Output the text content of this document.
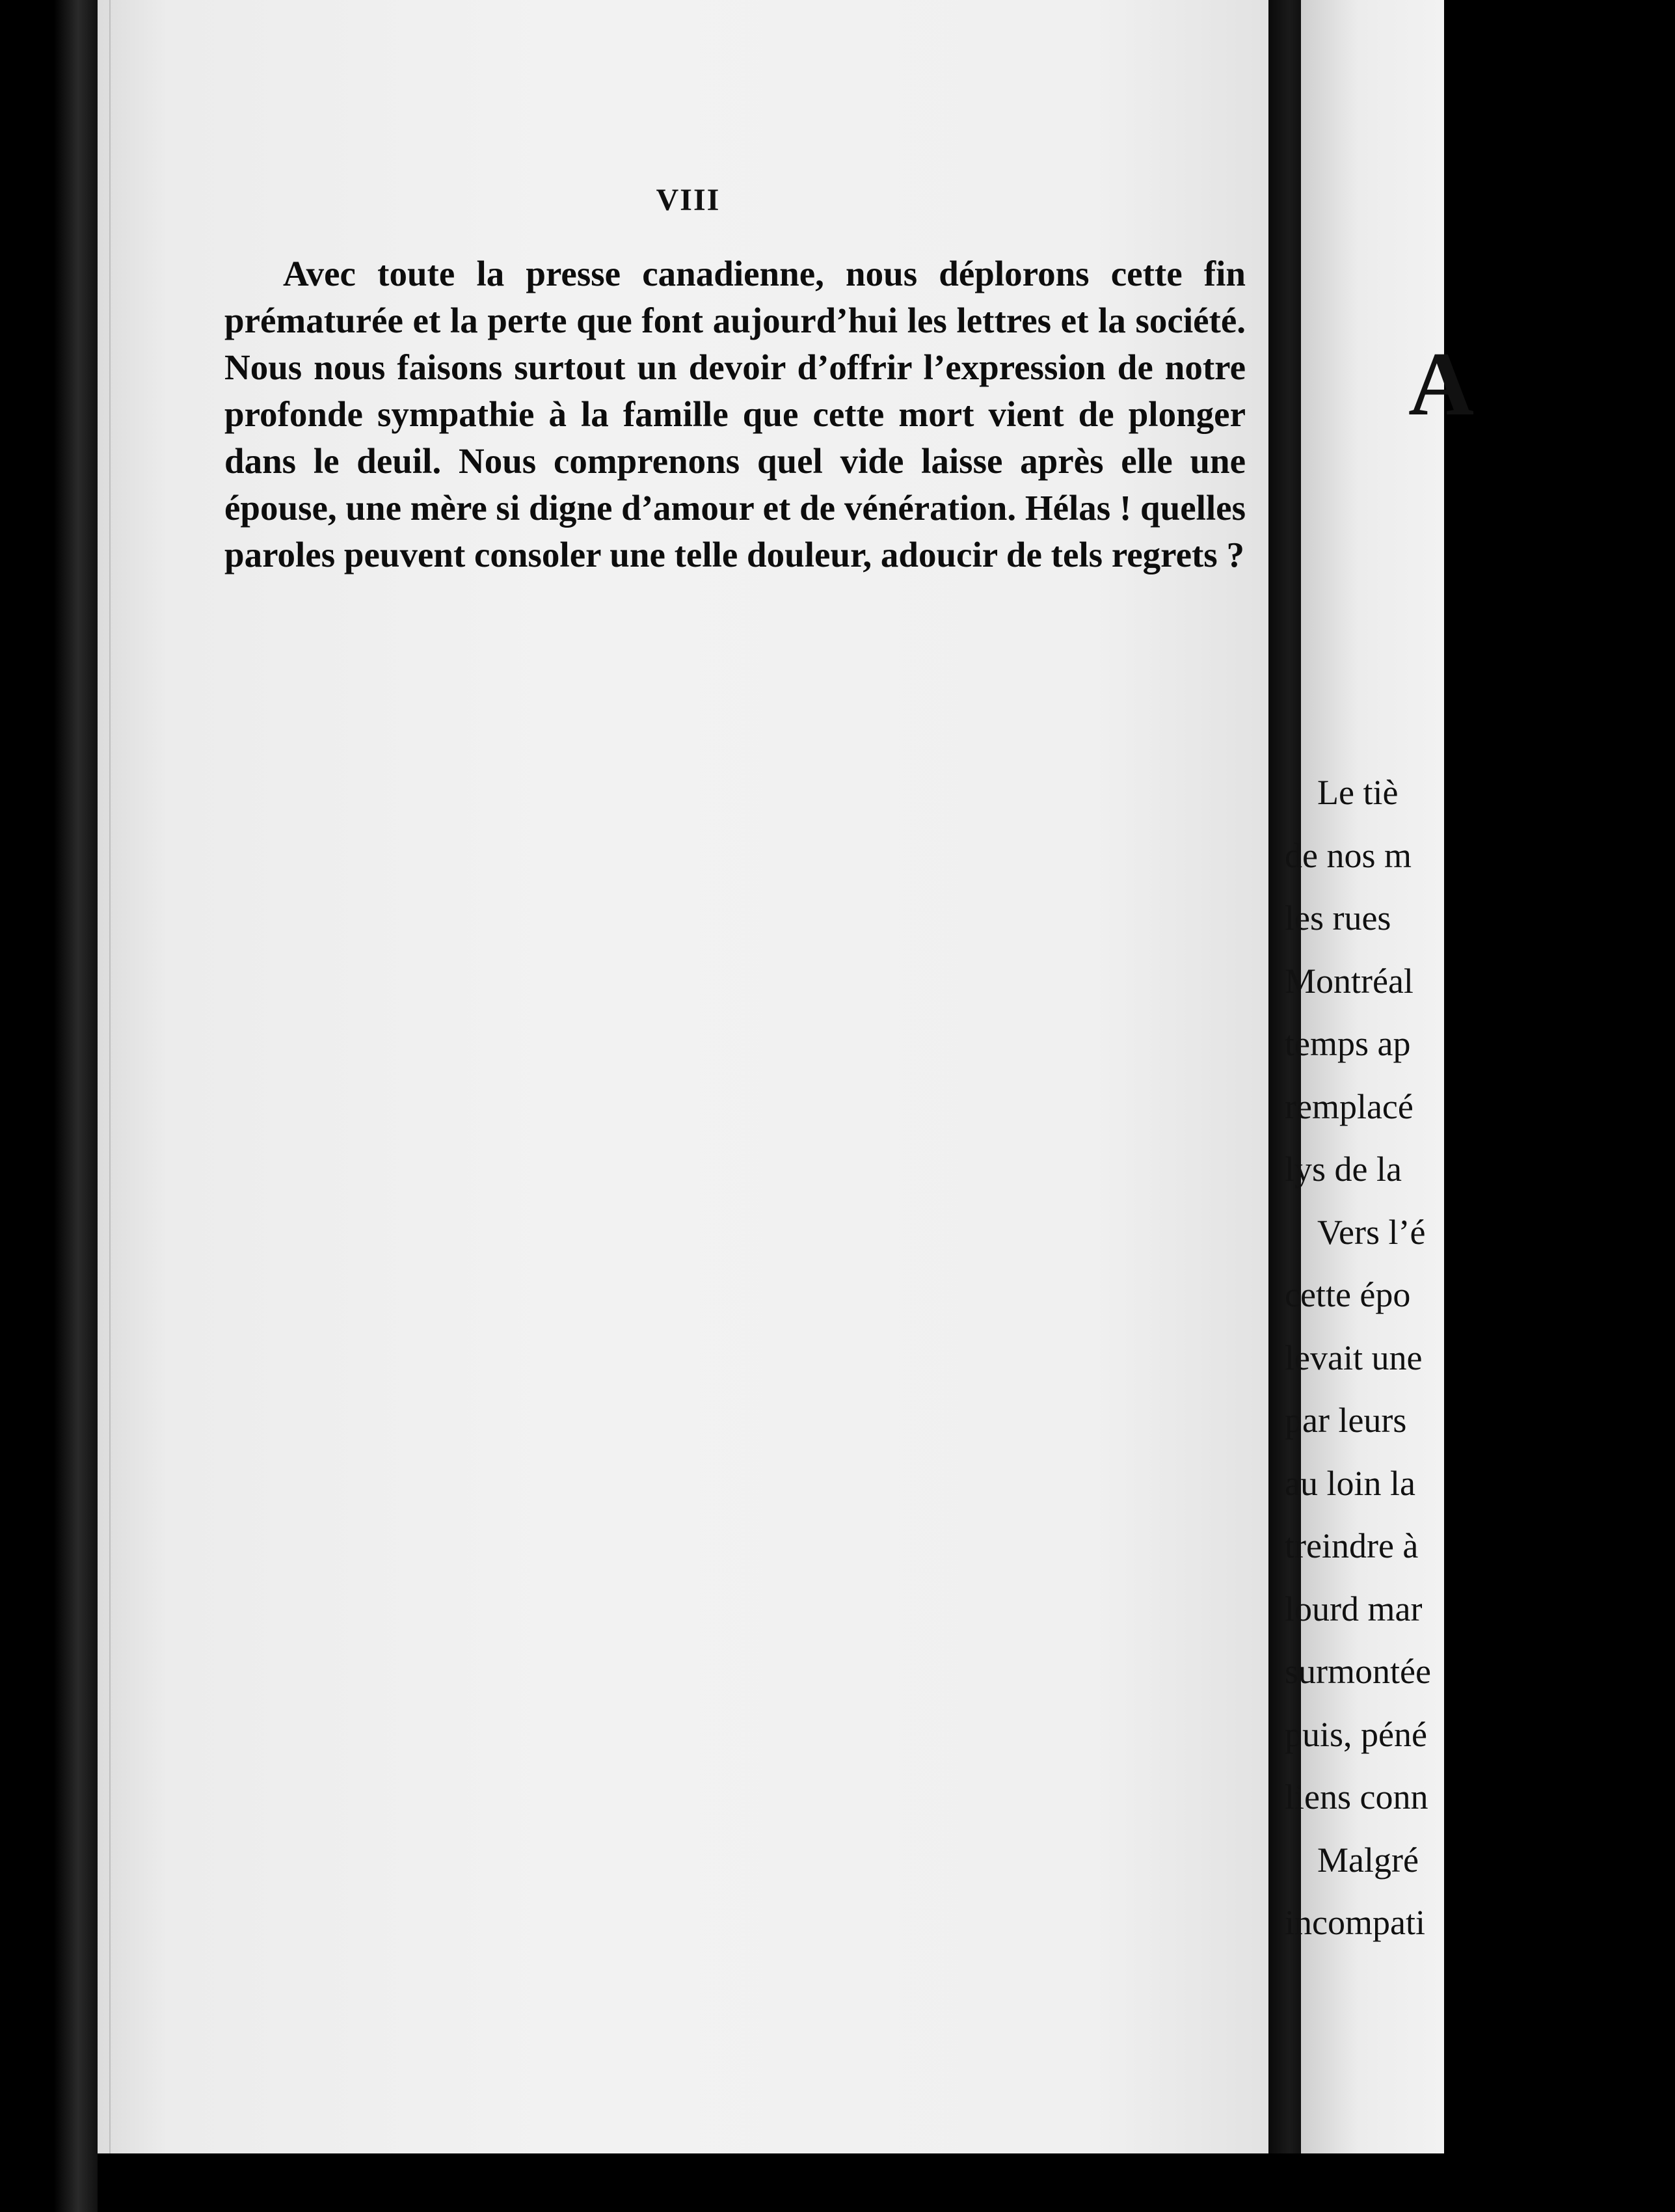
VIII

Avec toute la presse canadienne, nous déplorons cette fin prématurée et la perte que font aujourd’hui les lettres et la société. Nous nous faisons surtout un devoir d’offrir l’expression de notre profonde sympathie à la famille que cette mort vient de plonger dans le deuil. Nous comprenons quel vide laisse après elle une épouse, une mère si digne d’amour et de vénération. Hélas ! quelles paroles peuvent consoler une telle douleur, adoucir de tels regrets ?

A
Le tiè
de nos m
les rues
Montréal
temps ap
remplacé
lys de la
Vers l’é
cette épo
levait une
par leurs
au loin la
treindre à
lourd mar
surmontée
puis, péné
liens conn
Malgré
incompati
